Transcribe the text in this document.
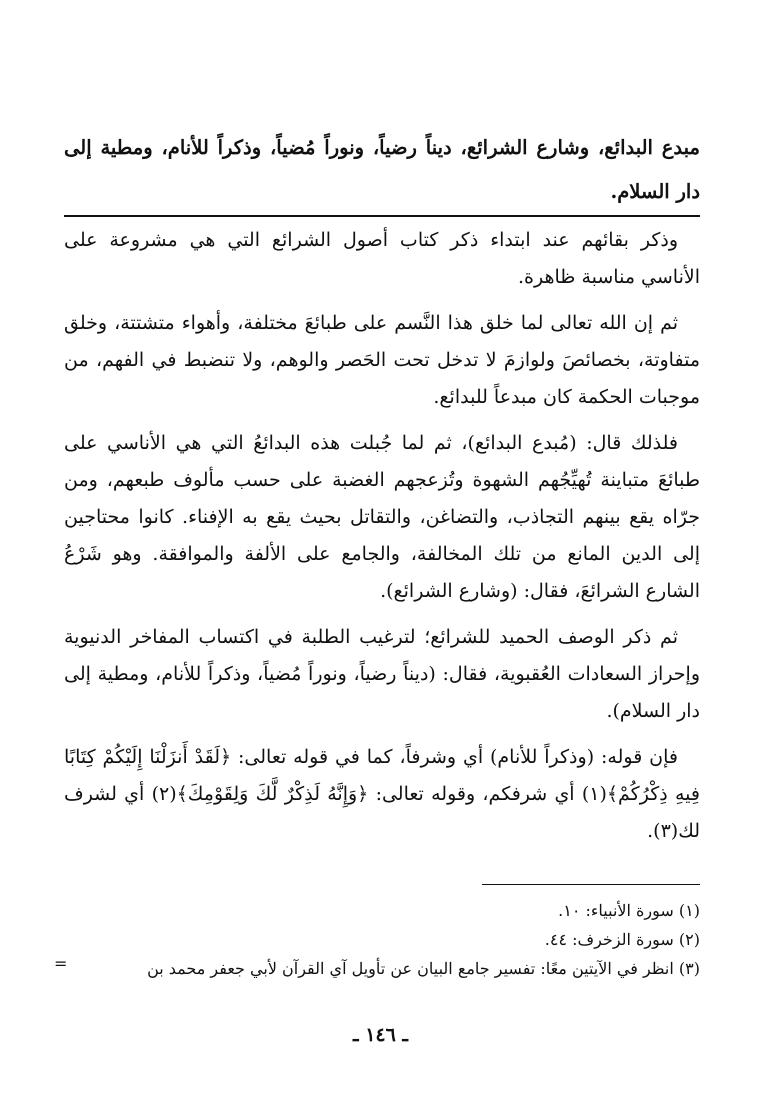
مبدع البدائع، وشارع الشرائع، ديناً رضياً، ونوراً مُضياً، وذكراً للأنام، ومطية إلى دار السلام.

وذكر بقائهم عند ابتداء ذكر كتاب أصول الشرائع التي هي مشروعة على الأناسي مناسبة ظاهرة.

ثم إن الله تعالى لما خلق هذا النَّسم على طبائعَ مختلفة، وأهواء متشتتة، وخلق متفاوتة، بخصائصَ ولوازمَ لا تدخل تحت الحَصر والوهم، ولا تنضبط في الفهم، من موجبات الحكمة كان مبدعاً للبدائع.

فلذلك قال: (مُبدع البدائع)، ثم لما جُبلت هذه البدائعُ التي هي الأناسي على طبائعَ متباينة تُهيِّجُهم الشهوة وتُزعجهم الغضبة على حسب مألوف طبعهم، ومن جرّاه يقع بينهم التجاذب، والتضاغن، والتقاتل بحيث يقع به الإفناء. كانوا محتاجين إلى الدين المانع من تلك المخالفة، والجامع على الألفة والموافقة. وهو شَرْعُ الشارع الشرائعَ، فقال: (وشارع الشرائع).

ثم ذكر الوصف الحميد للشرائع؛ لترغيب الطلبة في اكتساب المفاخر الدنيوية وإحراز السعادات العُقبوية، فقال: (ديناً رضياً، ونوراً مُضياً، وذكراً للأنام، ومطية إلى دار السلام).

فإن قوله: (وذكراً للأنام) أي وشرفاً، كما في قوله تعالى: ﴿لَقَدْ أَنزَلْنَا إِلَيْكُمْ كِتَابًا فِيهِ ذِكْرُكُمْ﴾(١) أي شرفكم، وقوله تعالى: ﴿وَإِنَّهُ لَذِكْرٌ لَّكَ وَلِقَوْمِكَ﴾(٢) أي لشرف لك(٣).

(١) سورة الأنبياء: ١٠.
(٢) سورة الزخرف: ٤٤.
(٣) انظر في الآيتين معًا: تفسير جامع البيان عن تأويل آي القرآن لأبي جعفر محمد بن
=
ـ ١٤٦ ـ
